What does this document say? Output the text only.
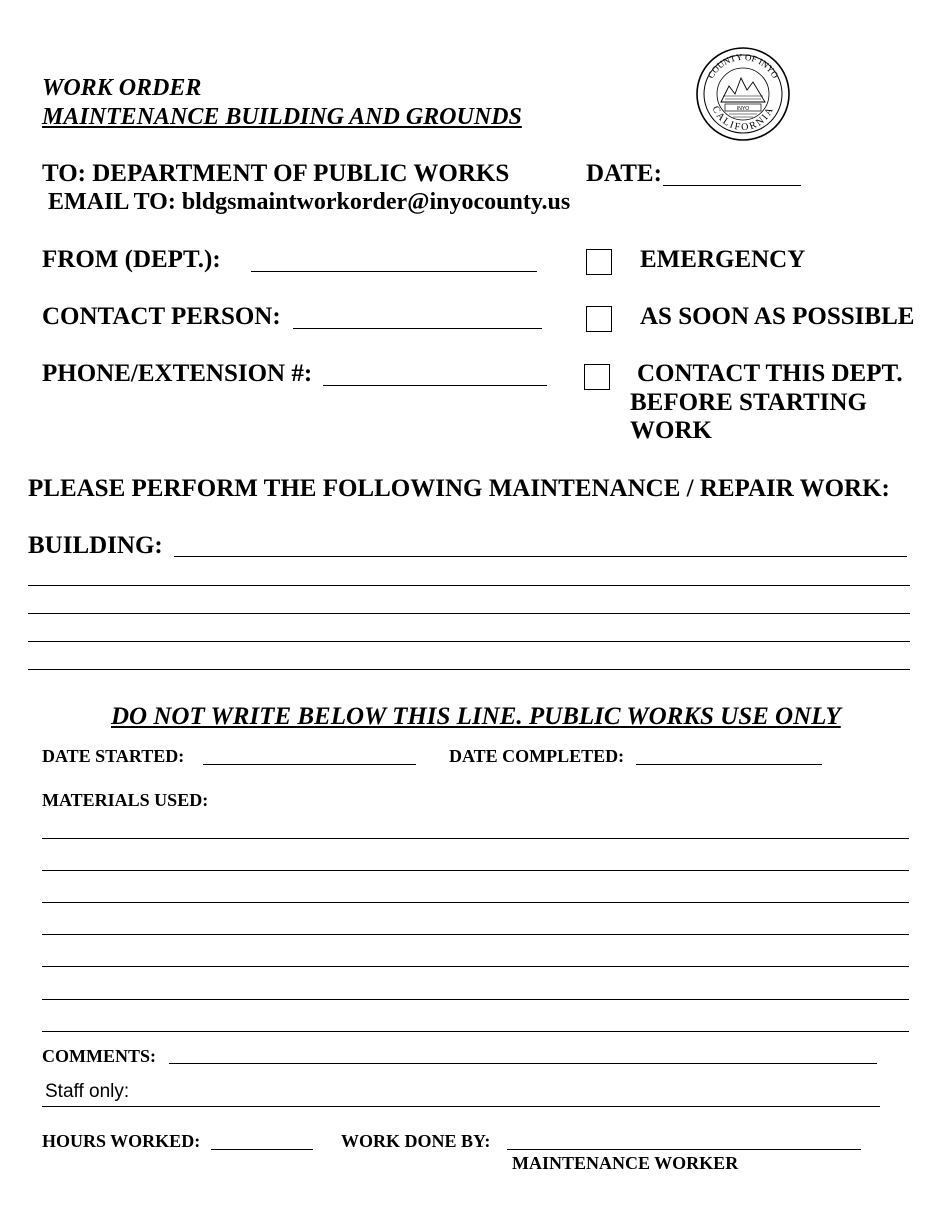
WORK ORDER
MAINTENANCE BUILDING AND GROUNDS
COUNTY OF INYO
CALIFORNIA
INYO
TO: DEPARTMENT OF PUBLIC WORKS	DATE:
EMAIL TO: bldgsmaintworkorder@inyocounty.us
FROM (DEPT.):
CONTACT PERSON:
PHONE/EXTENSION #:
EMERGENCY
AS SOON AS POSSIBLE
CONTACT THIS DEPT.
BEFORE STARTING
WORK
PLEASE PERFORM THE FOLLOWING MAINTENANCE / REPAIR WORK:
BUILDING:
DO NOT WRITE BELOW THIS LINE. PUBLIC WORKS USE ONLY
DATE STARTED:	DATE COMPLETED:
MATERIALS USED:
COMMENTS:
Staff only:
HOURS WORKED:	WORK DONE BY:
MAINTENANCE WORKER
